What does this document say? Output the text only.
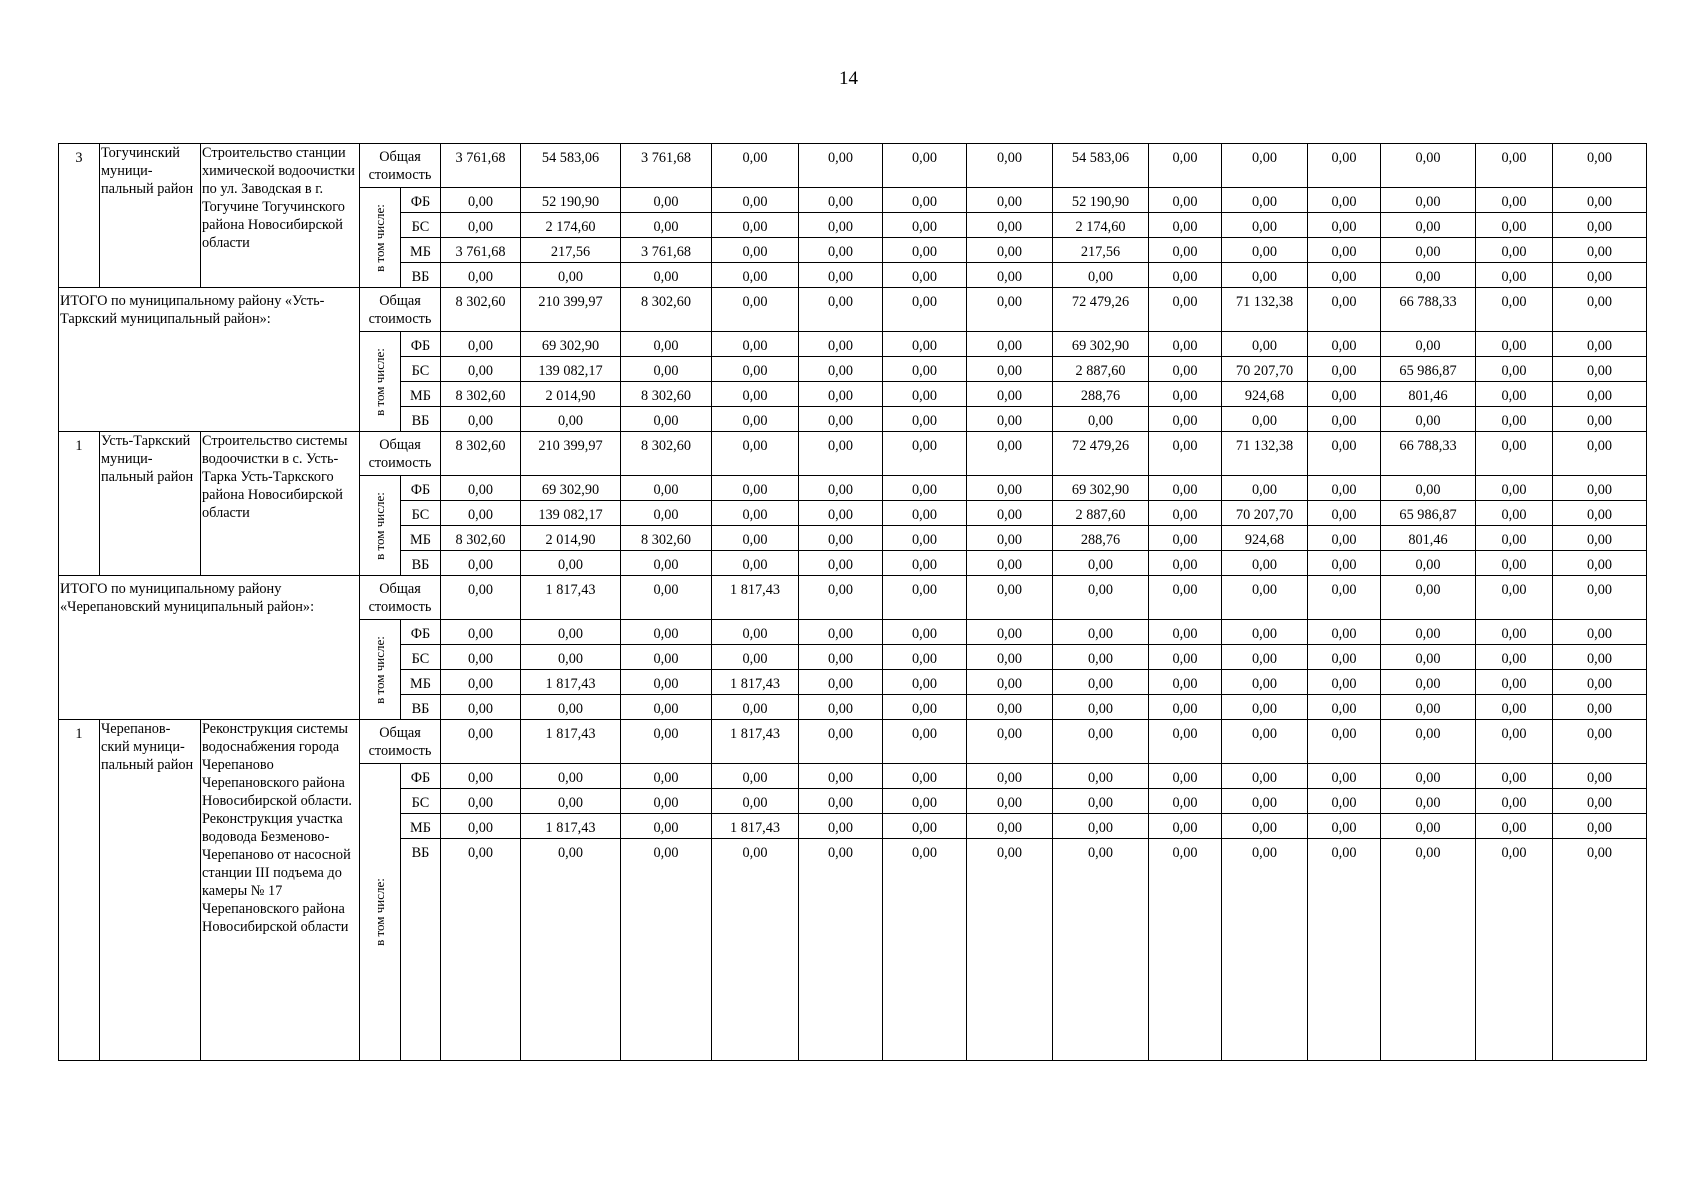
14
3	Тогучинский муници-пальный район	Строительство станции химической водоочистки по ул. Заводская в г. Тогучине Тогучинского района Новосибирской области	Общая стоимость		3 761,68	54 583,06	3 761,68	0,00	0,00	0,00	0,00	54 583,06	0,00	0,00	0,00	0,00	0,00	0,00

			в том числе:	ФБ	0,00	52 190,90	0,00	0,00	0,00	0,00	0,00	52 190,90	0,00	0,00	0,00	0,00	0,00	0,00
				БС	0,00	2 174,60	0,00	0,00	0,00	0,00	0,00	2 174,60	0,00	0,00	0,00	0,00	0,00	0,00
				МБ	3 761,68	217,56	3 761,68	0,00	0,00	0,00	0,00	217,56	0,00	0,00	0,00	0,00	0,00	0,00
				ВБ	0,00	0,00	0,00	0,00	0,00	0,00	0,00	0,00	0,00	0,00	0,00	0,00	0,00	0,00
ИТОГО по муниципальному району «Усть-Таркский муниципальный район»:			Общая стоимость		8 302,60	210 399,97	8 302,60	0,00	0,00	0,00	0,00	72 479,26	0,00	71 132,38	0,00	66 788,33	0,00	0,00

			в том числе:	ФБ	0,00	69 302,90	0,00	0,00	0,00	0,00	0,00	69 302,90	0,00	0,00	0,00	0,00	0,00	0,00
				БС	0,00	139 082,17	0,00	0,00	0,00	0,00	0,00	2 887,60	0,00	70 207,70	0,00	65 986,87	0,00	0,00
				МБ	8 302,60	2 014,90	8 302,60	0,00	0,00	0,00	0,00	288,76	0,00	924,68	0,00	801,46	0,00	0,00
				ВБ	0,00	0,00	0,00	0,00	0,00	0,00	0,00	0,00	0,00	0,00	0,00	0,00	0,00	0,00
1	Усть-Таркский муници-пальный район	Строительство системы водоочистки в с. Усть-Тарка Усть-Таркского района Новосибирской области	Общая стоимость		8 302,60	210 399,97	8 302,60	0,00	0,00	0,00	0,00	72 479,26	0,00	71 132,38	0,00	66 788,33	0,00	0,00

			в том числе:	ФБ	0,00	69 302,90	0,00	0,00	0,00	0,00	0,00	69 302,90	0,00	0,00	0,00	0,00	0,00	0,00
				БС	0,00	139 082,17	0,00	0,00	0,00	0,00	0,00	2 887,60	0,00	70 207,70	0,00	65 986,87	0,00	0,00
				МБ	8 302,60	2 014,90	8 302,60	0,00	0,00	0,00	0,00	288,76	0,00	924,68	0,00	801,46	0,00	0,00
				ВБ	0,00	0,00	0,00	0,00	0,00	0,00	0,00	0,00	0,00	0,00	0,00	0,00	0,00	0,00
ИТОГО по муниципальному району «Черепановский муниципальный район»:			Общая стоимость		0,00	1 817,43	0,00	1 817,43	0,00	0,00	0,00	0,00	0,00	0,00	0,00	0,00	0,00	0,00

			в том числе:	ФБ	0,00	0,00	0,00	0,00	0,00	0,00	0,00	0,00	0,00	0,00	0,00	0,00	0,00	0,00
				БС	0,00	0,00	0,00	0,00	0,00	0,00	0,00	0,00	0,00	0,00	0,00	0,00	0,00	0,00
				МБ	0,00	1 817,43	0,00	1 817,43	0,00	0,00	0,00	0,00	0,00	0,00	0,00	0,00	0,00	0,00
				ВБ	0,00	0,00	0,00	0,00	0,00	0,00	0,00	0,00	0,00	0,00	0,00	0,00	0,00	0,00
1	Черепанов-ский муници-пальный район	Реконструкция системы водоснабжения города Черепаново Черепановского района Новосибирской области. Реконструкция участка водовода Безменово-Черепаново от насосной станции III подъема до камеры № 17 Черепановского района Новосибирской области	Общая стоимость		0,00	1 817,43	0,00	1 817,43	0,00	0,00	0,00	0,00	0,00	0,00	0,00	0,00	0,00	0,00

			в том числе:	ФБ	0,00	0,00	0,00	0,00	0,00	0,00	0,00	0,00	0,00	0,00	0,00	0,00	0,00	0,00
				БС	0,00	0,00	0,00	0,00	0,00	0,00	0,00	0,00	0,00	0,00	0,00	0,00	0,00	0,00
				МБ	0,00	1 817,43	0,00	1 817,43	0,00	0,00	0,00	0,00	0,00	0,00	0,00	0,00	0,00	0,00
				ВБ	0,00	0,00	0,00	0,00	0,00	0,00	0,00	0,00	0,00	0,00	0,00	0,00	0,00	0,00
